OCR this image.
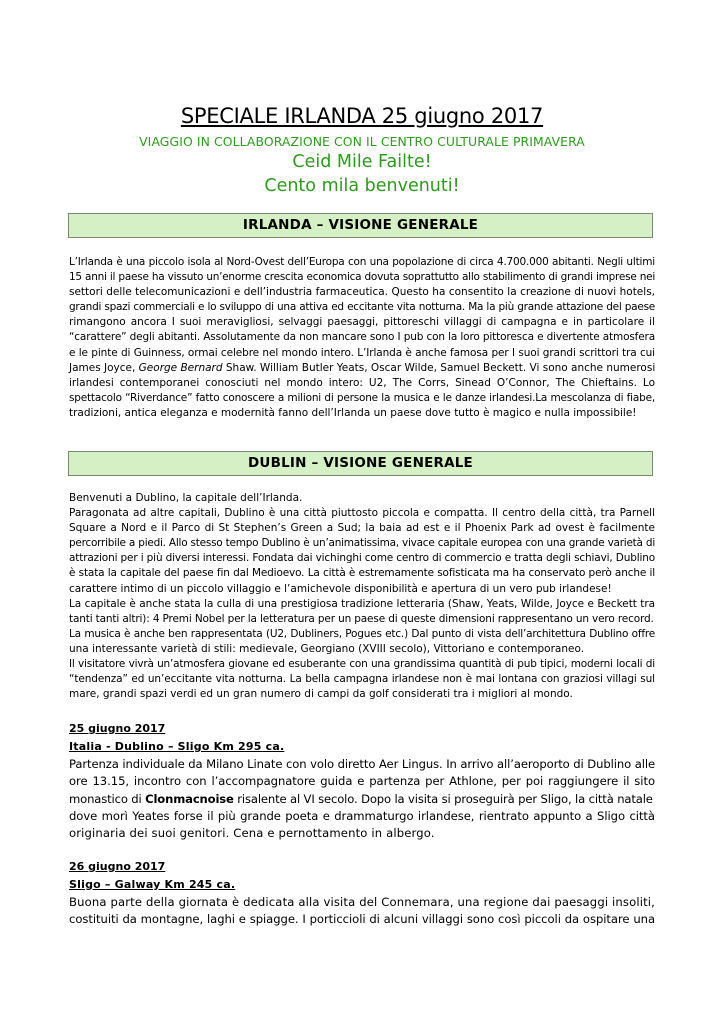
SPECIALE IRLANDA 25 giugno 2017
VIAGGIO IN COLLABORAZIONE CON IL CENTRO CULTURALE PRIMAVERA
Ceid Mile Failte!
Cento mila benvenuti!
IRLANDA – VISIONE GENERALE
L’Irlanda è una piccolo isola al Nord-Ovest dell’Europa con una popolazione di circa 4.700.000 abitanti. Negli ultimi
15 anni il paese ha vissuto un’enorme crescita economica dovuta soprattutto allo stabilimento di grandi imprese nei
settori delle telecomunicazioni e dell’industria farmaceutica. Questo ha consentito la creazione di nuovi hotels,
grandi spazi commerciali e lo sviluppo di una attiva ed eccitante vita notturna. Ma la più grande attazione del paese
rimangono ancora I suoi meravigliosi, selvaggi paesaggi, pittoreschi villaggi di campagna e in particolare il
“carattere” degli abitanti. Assolutamente da non mancare sono I pub con la loro pittoresca e divertente atmosfera
e le pinte di Guinness, ormai celebre nel mondo intero. L’Irlanda è anche famosa per I suoi grandi scrittori tra cui
James Joyce, George Bernard Shaw. William Butler Yeats, Oscar Wilde, Samuel Beckett. Vi sono anche numerosi
irlandesi contemporanei conosciuti nel mondo intero: U2, The Corrs, Sinead O’Connor, The Chieftains. Lo
spettacolo “Riverdance” fatto conoscere a milioni di persone la musica e le danze irlandesi.La mescolanza di fiabe,
tradizioni, antica eleganza e modernità fanno dell’Irlanda un paese dove tutto è magico e nulla impossibile!
DUBLIN – VISIONE GENERALE
Benvenuti a Dublino, la capitale dell’Irlanda.
Paragonata ad altre capitali, Dublino è una città piuttosto piccola e compatta. Il centro della città, tra Parnell
Square a Nord e il Parco di St Stephen’s Green a Sud; la baia ad est e il Phoenix Park ad ovest è facilmente
percorribile a piedi. Allo stesso tempo Dublino è un’animatissima, vivace capitale europea con una grande varietà di
attrazioni per i più diversi interessi. Fondata dai vichinghi come centro di commercio e tratta degli schiavi, Dublino
è stata la capitale del paese fin dal Medioevo. La città è estremamente sofisticata ma ha conservato però anche il
carattere intimo di un piccolo villaggio e l’amichevole disponibilità e apertura di un vero pub irlandese!
La capitale è anche stata la culla di una prestigiosa tradizione letteraria (Shaw, Yeats, Wilde, Joyce e Beckett tra
tanti tanti altri): 4 Premi Nobel per la letteratura per un paese di queste dimensioni rappresentano un vero record.
La musica è anche ben rappresentata (U2, Dubliners, Pogues etc.) Dal punto di vista dell’architettura Dublino offre
una interessante varietà di stili: medievale, Georgiano (XVIII secolo), Vittoriano e contemporaneo.
Il visitatore vivrà un’atmosfera giovane ed esuberante con una grandissima quantità di pub tipici, moderni locali di
“tendenza” ed un’eccitante vita notturna. La bella campagna irlandese non è mai lontana con graziosi villagi sul
mare, grandi spazi verdi ed un gran numero di campi da golf considerati tra i migliori al mondo.
25 giugno 2017
Italia - Dublino – Sligo Km 295 ca.
Partenza individuale da Milano Linate con volo diretto Aer Lingus. In arrivo all’aeroporto di Dublino alle
ore 13.15, incontro con l’accompagnatore guida e partenza per Athlone, per poi raggiungere il sito
monastico di Clonmacnoise risalente al VI secolo. Dopo la visita si proseguirà per Sligo, la città natale
dove morì Yeates forse il più grande poeta e drammaturgo irlandese, rientrato appunto a Sligo città
originaria dei suoi genitori. Cena e pernottamento in albergo.
26 giugno 2017
Sligo – Galway Km 245 ca.
Buona parte della giornata è dedicata alla visita del Connemara, una regione dai paesaggi insoliti,
costituiti da montagne, laghi e spiagge. I porticcioli di alcuni villaggi sono così piccoli da ospitare una
